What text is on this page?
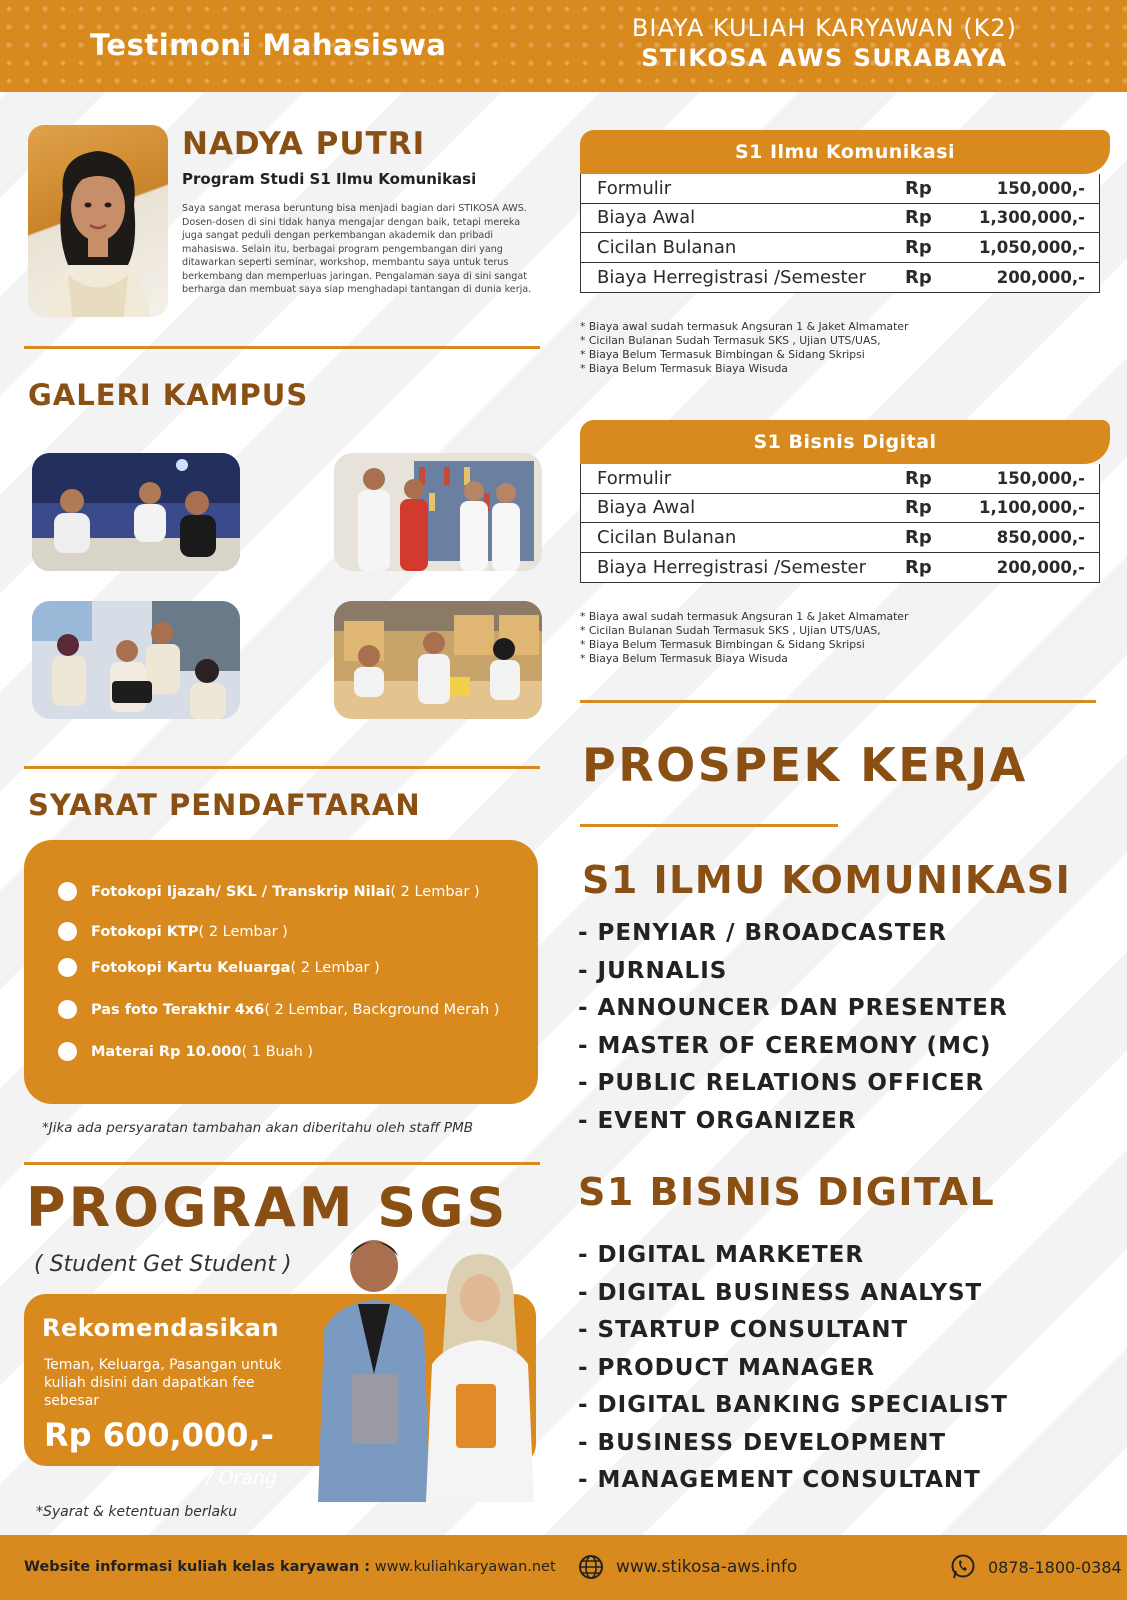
Testimoni Mahasiswa	BIAYA KULIAH KARYAWAN (K2)
STIKOSA AWS SURABAYA
NADYA PUTRI
Program Studi S1 Ilmu Komunikasi
Saya sangat merasa beruntung bisa menjadi bagian dari STIKOSA AWS. Dosen-dosen di sini tidak hanya mengajar dengan baik, tetapi mereka juga sangat peduli dengan perkembangan akademik dan pribadi mahasiswa. Selain itu, berbagai program pengembangan diri yang ditawarkan seperti seminar, workshop, membantu saya untuk terus berkembang dan memperluas jaringan. Pengalaman saya di sini sangat berharga dan membuat saya siap menghadapi tantangan di dunia kerja.
GALERI KAMPUS
SYARAT PENDAFTARAN
Fotokopi Ijazah/ SKL / Transkrip Nilai ( 2 Lembar )
Fotokopi KTP ( 2 Lembar )
Fotokopi Kartu Keluarga ( 2 Lembar )
Pas foto Terakhir 4x6 ( 2 Lembar, Background Merah )
Materai Rp 10.000 ( 1 Buah )
*Jika ada persyaratan tambahan akan diberitahu oleh staff PMB
PROGRAM SGS
( Student Get Student )
Rekomendasikan
Teman, Keluarga, Pasangan untuk kuliah disini dan dapatkan fee sebesar
Rp 600,000,-
/ Orang
*Syarat & ketentuan berlaku
S1 Ilmu Komunikasi
Formulir	Rp	150,000,-
Biaya Awal	Rp	1,300,000,-
Cicilan Bulanan	Rp	1,050,000,-
Biaya Herregistrasi /Semester	Rp	200,000,-
* Biaya awal sudah termasuk Angsuran 1 & Jaket Almamater
* Cicilan Bulanan Sudah Termasuk SKS , Ujian UTS/UAS,
* Biaya Belum Termasuk Bimbingan & Sidang Skripsi
* Biaya Belum Termasuk Biaya Wisuda
S1 Bisnis Digital
Formulir	Rp	150,000,-
Biaya Awal	Rp	1,100,000,-
Cicilan Bulanan	Rp	850,000,-
Biaya Herregistrasi /Semester	Rp	200,000,-
* Biaya awal sudah termasuk Angsuran 1 & Jaket Almamater
* Cicilan Bulanan Sudah Termasuk SKS , Ujian UTS/UAS,
* Biaya Belum Termasuk Bimbingan & Sidang Skripsi
* Biaya Belum Termasuk Biaya Wisuda
PROSPEK KERJA
S1 ILMU KOMUNIKASI
- PENYIAR / BROADCASTER
- JURNALIS
- ANNOUNCER DAN PRESENTER
- MASTER OF CEREMONY (MC)
- PUBLIC RELATIONS OFFICER
- EVENT ORGANIZER
S1 BISNIS DIGITAL
- DIGITAL MARKETER
- DIGITAL BUSINESS ANALYST
- STARTUP CONSULTANT
- PRODUCT MANAGER
- DIGITAL BANKING SPECIALIST
- BUSINESS DEVELOPMENT
- MANAGEMENT CONSULTANT
Website informasi kuliah kelas karyawan : www.kuliahkaryawan.net	www.stikosa-aws.info	0878-1800-0384
